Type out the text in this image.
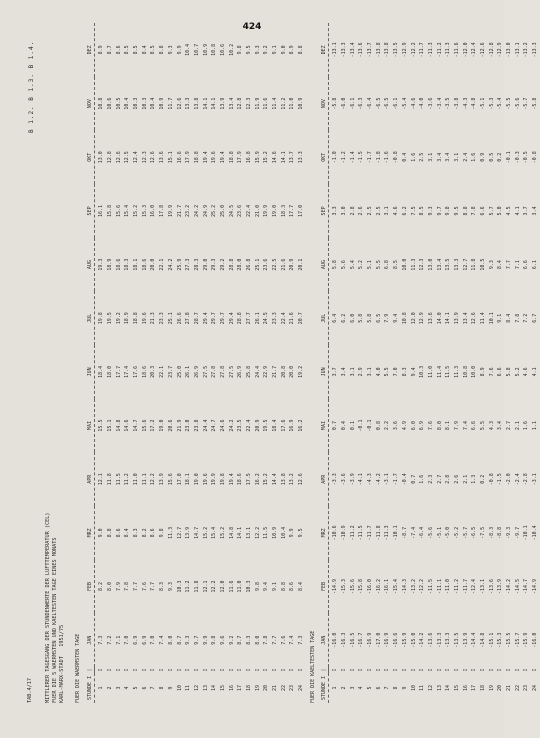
424
TAB.4/17
B 1.2. B 1.3. B 1.4.
MITTLERER TAGESGANG DER STUNDENWERTE DER LUFTTEMPERATUR (CEL) FUER DIE 5 WAERMSTEN UND KAELTESTEN TAGE EINES MONATS KARL-MARX-STADT   1951/75 FUER DIE WAERMSTEN TAGE STUNDE I	|	JAN	FEB	MRZ	APR	MAI	JUN	JUL	AUG	SEP	OKT	NOV	DEZ

1	I	7.3	8.2	9.0	12.1	15.5	18.4	19.8	19.3	16.1	13.0	10.8	8.9
2	I	7.2	8.0	8.8	11.8	15.1	18.0	19.5	18.9	15.8	12.8	10.6	8.7
3	I	7.1	7.9	8.6	11.5	14.8	17.7	19.2	18.6	15.6	12.6	10.5	8.6
4	I	7.0	7.8	8.4	11.2	14.6	17.4	18.9	18.3	15.4	12.5	10.4	8.5
5	I	6.9	7.7	8.3	11.0	14.7	17.6	18.8	18.1	15.2	12.4	10.3	8.5
6	I	6.9	7.6	8.2	11.1	15.6	18.6	19.6	18.6	15.3	12.3	10.3	8.4
7	I	7.0	7.7	8.6	12.2	17.2	20.3	21.3	20.0	16.0	12.6	10.4	8.5
8	I	7.4	8.3	9.8	13.9	19.0	22.1	23.3	22.1	17.8	13.6	10.9	8.8
9	I	8.0	9.3	11.3	15.6	20.6	23.7	25.1	24.2	19.9	15.1	11.7	9.3
10	I	8.7	10.3	12.7	17.0	21.9	25.0	26.6	25.9	21.7	16.6	12.6	9.9
11	I	9.3	11.2	13.9	18.1	23.0	26.1	27.8	27.3	23.2	17.9	13.3	10.4
12	I	9.7	11.8	14.7	19.0	23.8	26.9	28.7	28.3	24.2	18.8	13.8	10.7
13	I	9.9	12.1	15.2	19.6	24.4	27.5	29.4	29.0	24.9	19.4	14.1	10.9
14	I	9.8	12.2	15.4	19.9	24.7	27.8	29.7	29.3	25.2	19.6	14.1	10.8
15	I	9.6	12.0	15.2	19.8	24.6	27.8	29.7	29.2	25.0	19.4	13.9	10.6
16	I	9.2	11.6	14.8	19.4	24.2	27.5	29.4	28.8	24.5	18.8	13.4	10.2
17	I	8.7	11.0	14.1	18.6	23.5	26.9	28.8	28.0	23.6	17.9	12.8	9.8
18	I	8.3	10.3	13.1	17.5	22.4	25.8	27.7	26.8	22.4	16.8	12.3	9.5
19	I	8.0	9.8	12.2	16.2	20.9	24.4	26.1	25.1	21.0	15.9	11.9	9.3
20	I	7.8	9.4	11.5	15.2	19.5	22.9	24.5	23.6	19.9	15.2	11.6	9.2
21	I	7.7	9.1	10.9	14.4	18.4	21.7	23.3	22.5	19.0	14.6	11.4	9.1
22	I	7.6	8.8	10.4	13.8	17.6	20.8	22.4	21.6	18.3	14.1	11.2	9.0
23	I	7.4	8.6	9.9	13.2	16.9	20.0	21.6	20.9	17.7	13.7	11.0	8.9
24	I	7.3	8.4	9.5	12.6	16.2	19.2	20.7	20.1	17.0	13.3	10.9	8.8
FUER DIE KAELTESTEN TAGE STUNDE I	|	JAN	FEB	MRZ	APR	MAI	JUN	JUL	AUG	SEP	OKT	NOV	DEZ

1	I	-16.0	-14.9	-10.6	-3.3	0.7	3.7	6.4	5.8	3.3	-1.0	-5.8	-13.1
2	I	-16.3	-15.3	-10.9	-3.6	0.4	3.4	6.2	5.6	3.0	-1.2	-6.0	-13.3
3	I	-16.5	-15.6	-11.2	-3.9	0.1	3.1	6.0	5.4	2.8	-1.4	-6.1	-13.4
4	I	-16.7	-15.8	-11.5	-4.1	-0.1	2.9	5.8	5.2	2.6	-1.5	-6.3	-13.6
5	I	-16.9	-16.0	-11.7	-4.3	-0.1	3.1	5.8	5.1	2.5	-1.7	-6.4	-13.7
6	I	-17.0	-16.2	-11.8	-4.2	0.8	4.0	6.5	5.5	2.5	-1.8	-6.5	-13.8
7	I	-16.9	-16.1	-11.3	-3.1	2.2	5.5	7.9	6.8	3.1	-1.6	-6.5	-13.8
8	I	-16.6	-15.4	-10.1	-1.7	3.6	7.0	9.4	8.5	4.6	-0.8	-6.1	-13.5
9	I	-15.9	-14.3	-8.7	-0.4	4.9	8.3	10.8	10.0	6.2	0.4	-5.4	-12.9
10	I	-15.0	-13.2	-7.4	0.7	6.0	9.4	12.0	11.3	7.5	1.6	-4.6	-12.2
11	I	-14.2	-12.2	-6.4	1.6	6.9	10.3	12.9	12.3	8.5	2.5	-4.0	-11.7
12	I	-13.6	-11.5	-5.6	2.3	7.6	11.0	13.6	13.0	9.3	3.1	-3.6	-11.3
13	I	-13.3	-11.1	-5.1	2.7	8.0	11.4	14.0	13.4	9.7	3.4	-3.4	-11.2
14	I	-13.3	-11.0	-5.0	2.8	8.1	11.5	14.1	13.5	9.8	3.4	-3.5	-11.3
15	I	-13.5	-11.2	-5.2	2.6	7.9	11.3	13.9	13.3	9.5	3.1	-3.8	-11.6
16	I	-13.9	-11.7	-5.7	2.1	7.4	10.8	13.4	12.7	8.8	2.4	-4.3	-12.0
17	I	-14.4	-12.4	-6.5	1.3	6.6	10.0	12.6	11.8	7.8	1.6	-4.8	-12.4
18	I	-14.8	-13.1	-7.5	0.2	5.5	8.9	11.4	10.5	6.6	0.9	-5.1	-12.6
19	I	-15.1	-13.6	-8.3	-0.8	4.3	7.6	10.1	9.3	5.7	0.5	-5.3	-12.8
20	I	-15.3	-13.9	-8.8	-1.5	3.4	6.6	9.1	8.4	5.0	0.2	-5.4	-12.9
21	I	-15.5	-14.2	-9.3	-2.0	2.7	5.8	8.4	7.7	4.5	-0.1	-5.5	-13.0
22	I	-15.7	-14.5	-9.7	-2.4	2.1	5.2	7.8	7.1	4.1	-0.3	-5.6	-13.1
23	I	-15.9	-14.7	-10.1	-2.8	1.6	4.6	7.2	6.6	3.7	-0.5	-5.7	-13.2
24	I	-16.0	-14.9	-10.4	-3.1	1.1	4.1	6.7	6.1	3.4	-0.8	-5.8	-13.3
